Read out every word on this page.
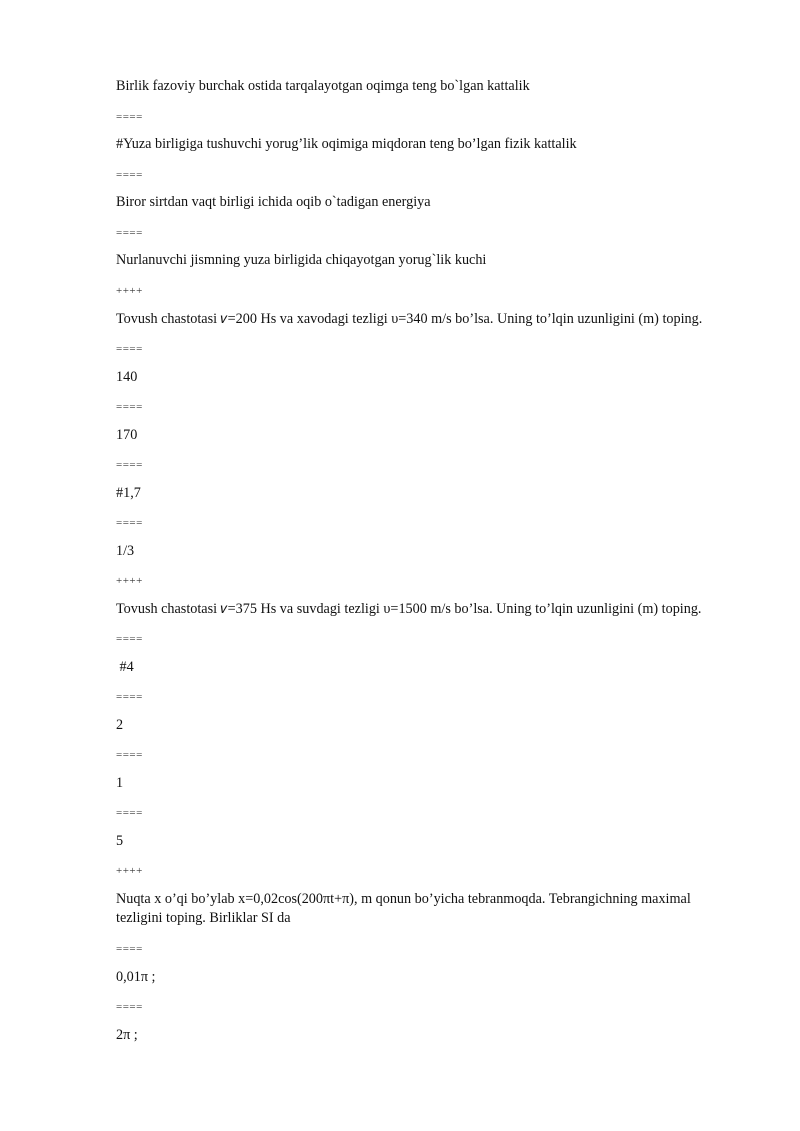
Birlik fazoviy burchak ostida tarqalayotgan oqimga teng bo`lgan kattalik
====
#Yuza birligiga tushuvchi yorug’lik oqimiga miqdoran teng bo’lgan fizik kattalik
====
Biror sirtdan vaqt birligi ichida oqib o`tadigan energiya
====
Nurlanuvchi jismning yuza birligida chiqayotgan yorug`lik kuchi
++++
Tovush chastotasi 𝜈=200 Hs va xavodagi tezligi υ=340 m/s bo’lsa. Uning to’lqin uzunligini (m) toping.
====
140
====
170
====
#1,7
====
1/3
++++
Tovush chastotasi 𝜈=375 Hs va suvdagi tezligi υ=1500 m/s bo’lsa. Uning to’lqin uzunligini (m) toping.
====
#4
====
2
====
1
====
5
++++
Nuqta x o’qi bo’ylab x=0,02cos(200πt+π), m qonun bo’yicha tebranmoqda. Tebrangichning maximal tezligini toping. Birliklar SI da
====
0,01π ;
====
2π ;
